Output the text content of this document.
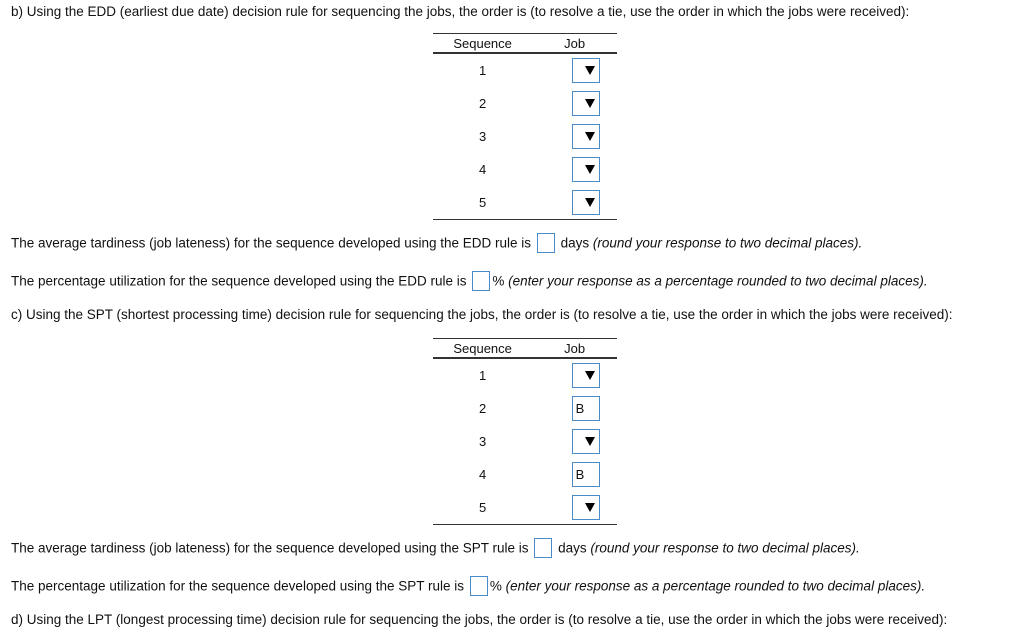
b) Using the EDD (earliest due date) decision rule for sequencing the jobs, the order is (to resolve a tie, use the order in which the jobs were received):
Sequence	Job
1	

2	

3	

4	

5	
The average tardiness (job lateness) for the sequence developed using the EDD rule is days (round your response to two decimal places).
The percentage utilization for the sequence developed using the EDD rule is % (enter your response as a percentage rounded to two decimal places).
c) Using the SPT (shortest processing time) decision rule for sequencing the jobs, the order is (to resolve a tie, use the order in which the jobs were received):
Sequence	Job
1	

2	B

3	

4	B

5	
The average tardiness (job lateness) for the sequence developed using the SPT rule is days (round your response to two decimal places).
The percentage utilization for the sequence developed using the SPT rule is % (enter your response as a percentage rounded to two decimal places).
d) Using the LPT (longest processing time) decision rule for sequencing the jobs, the order is (to resolve a tie, use the order in which the jobs were received):
